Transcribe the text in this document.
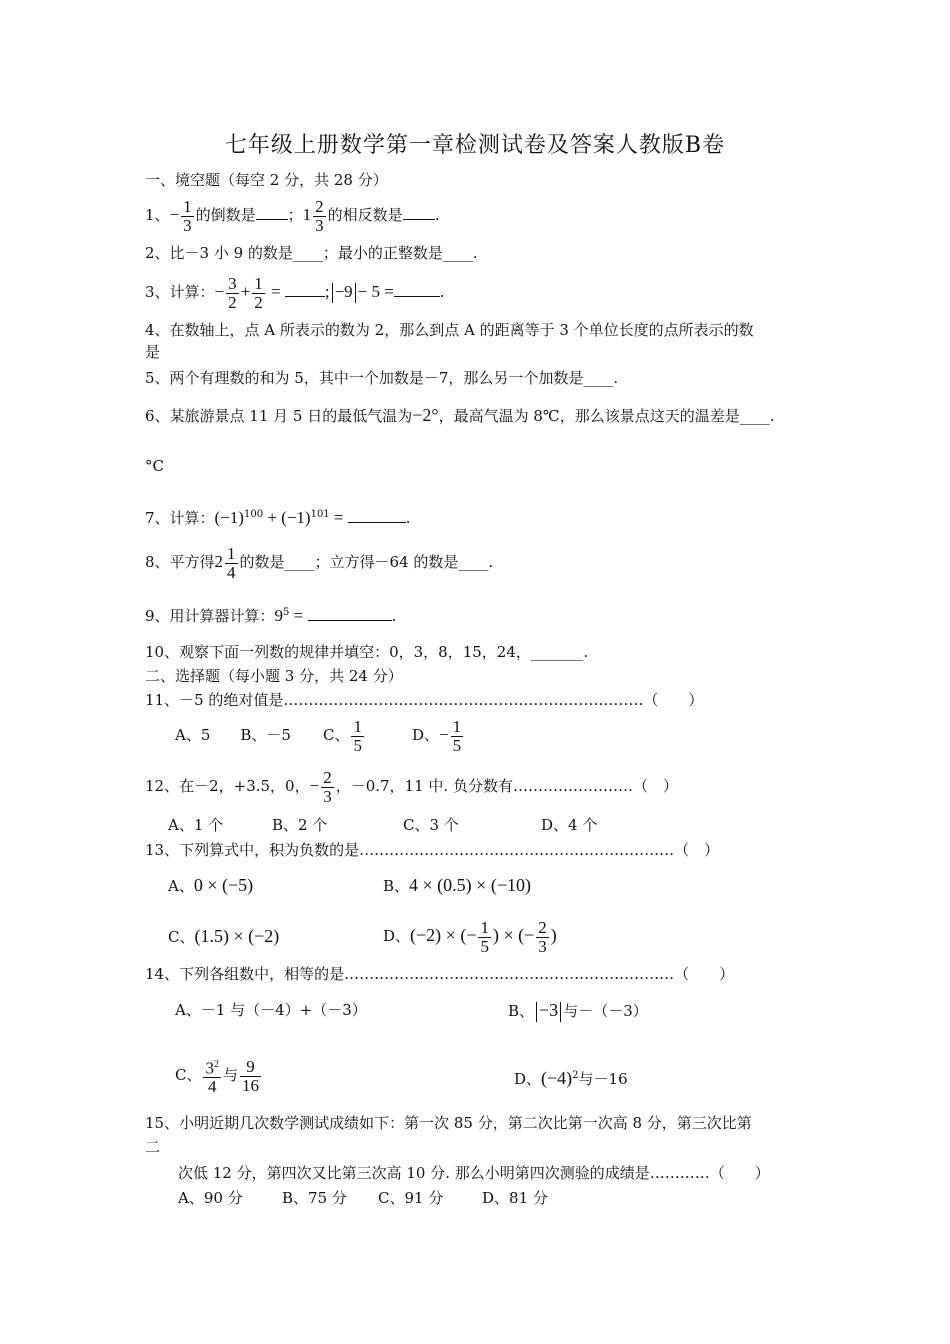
七年级上册数学第一章检测试卷及答案人教版B卷
一、境空题（每空 2 分，共 28 分）
1、− $\frac{1}{3}$ 的倒数是 ；$1 \frac{2}{3}$ 的相反数是 .
2、比－3 小 9 的数是____；最小的正整数是____.
3、计算：− $\frac{3}{2} + \frac{1}{2}$ = ; −9 − 5 =	.
4、在数轴上，点 A 所表示的数为 2，那么到点 A 的距离等于 3 个单位长度的点所表示的数
是
5、两个有理数的和为 5，其中一个加数是－7，那么另一个加数是____.
6、某旅游景点 11 月 5 日的最低气温为−2°，最高气温为 8℃，那么该景点这天的温差是____.
°C
7、计算：$(-1)^{100} + (-1)^{101}$ =	.
8、平方得$2 \frac{1}{4}$ 的数是____；立方得－64 的数是____.
9、用计算器计算：$9^5$ =	.
10、观察下面一列数的规律并填空：0，3，8，15，24，_______.
二、选择题（每小题 3 分，共 24 分）
11、－5 的绝对值是………………………………………………………………（　　）
A、5 B、－5 C、 $\frac{1}{5}$	D、− $\frac{1}{5}$
12、在－2，+3.5，0，− $\frac{2}{3}$ ，－0.7，11 中. 负分数有……………………（　）
A、1 个	B、2 个	C、3 个	D、4 个
13、下列算式中，积为负数的是………………………………………………………（　）
A、0 × (−5)	B、4 × (0.5) × (−10)
C、(1.5) × (−2)	D、(−2) × (− $\frac{1}{5}$ ) × (− $\frac{2}{3}$ )
14、下列各组数中，相等的是…………………………………………………………（　　）
A、－1 与（－4）+（－3）	B、 −3 与－（－3）
C、 $\frac{3^2}{4}$ 与 $\frac{9}{16}$	D、$(-4)^2$与－16
15、小明近期几次数学测试成绩如下：第一次 85 分，第二次比第一次高 8 分，第三次比第
二
次低 12 分，第四次又比第三次高 10 分. 那么小明第四次测验的成绩是…………（　　）
A、90 分	B、75 分 C、91 分	D、81 分
